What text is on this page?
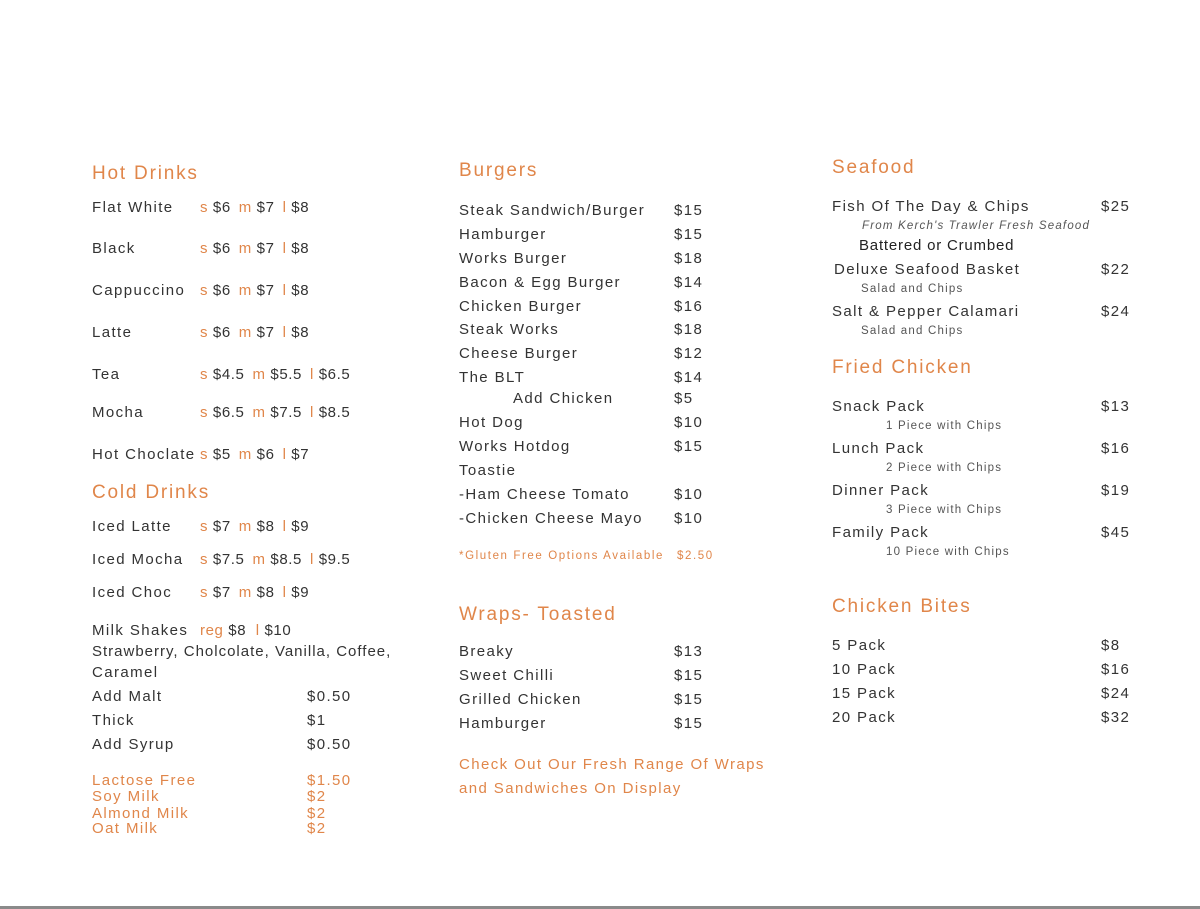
Hot Drinks
Flat White s $6 m $7 l $8
Black	s $6 m $7 l $8
Cappuccino s $6 m $7 l $8
Latte	s $6 m $7 l $8
Tea	s $4.5 m $5.5 l $6.5
Mocha	s $6.5 m $7.5 l $8.5
Hot Choclate s $5 m $6 l $7
Cold Drinks
Iced Latte s $7 m $8 l $9
Iced Mocha s $7.5 m $8.5 l $9.5
Iced Choc s $7 m $8 l $9
Milk Shakes reg $8 l $10
Strawberry, Cholcolate, Vanilla, Coffee,
Caramel
Add Malt	$0.50
Thick	$1
Add Syrup	$0.50
Lactose Free	$1.50
Soy Milk	$2
Almond Milk	$2
Oat Milk	$2
Burgers
Steak Sandwich/Burger $15
Hamburger	$15
Works Burger	$18
Bacon & Egg Burger	$14
Chicken Burger	$16
Steak Works	$18
Cheese Burger	$12
The BLT	$14
Add Chicken	$5
Hot Dog	$10
Works Hotdog	$15
Toastie
-Ham Cheese Tomato	$10
-Chicken Cheese Mayo $10
*Gluten Free Options Available $2.50
Wraps- Toasted
Breaky	$13
Sweet Chilli	$15
Grilled Chicken	$15
Hamburger	$15
Check Out Our Fresh Range Of Wraps
and Sandwiches On Display
Seafood
Fish Of The Day & Chips	$25
From Kerch's Trawler Fresh Seafood
Battered or Crumbed
Deluxe Seafood Basket	$22
Salad and Chips
Salt & Pepper Calamari	$24
Salad and Chips
Fried Chicken
Snack Pack	$13
1 Piece with Chips
Lunch Pack	$16
2 Piece with Chips
Dinner Pack	$19
3 Piece with Chips
Family Pack	$45
10 Piece with Chips
Chicken Bites
5 Pack	$8
10 Pack	$16
15 Pack	$24
20 Pack	$32
